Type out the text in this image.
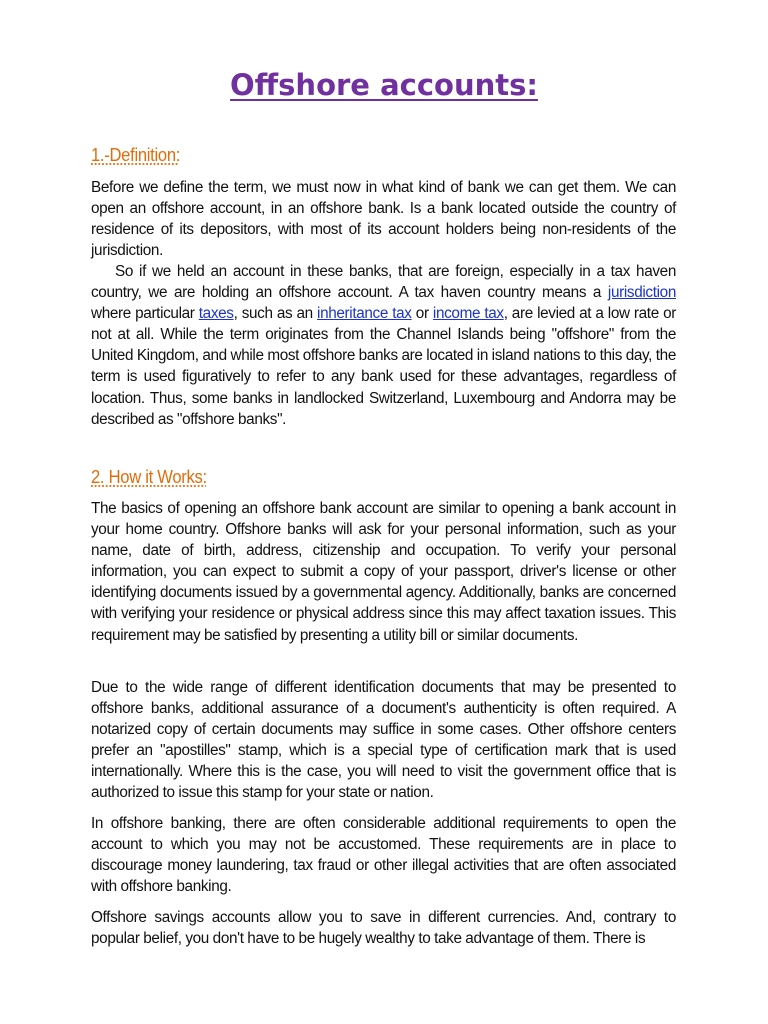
Offshore accounts:
1.-Definition:
Before we define the term, we must now in what kind of bank we can get them. We can open an offshore account, in an offshore bank. Is a bank located outside the country of residence of its depositors, with most of its account holders being non-residents of the jurisdiction.
So if we held an account in these banks, that are foreign, especially in a tax haven country, we are holding an offshore account. A tax haven country means a jurisdiction where particular taxes, such as an inheritance tax or income tax, are levied at a low rate or not at all. While the term originates from the Channel Islands being "offshore" from the United Kingdom, and while most offshore banks are located in island nations to this day, the term is used figuratively to refer to any bank used for these advantages, regardless of location. Thus, some banks in landlocked Switzerland, Luxembourg and Andorra may be described as "offshore banks".
2. How it Works:
The basics of opening an offshore bank account are similar to opening a bank account in your home country. Offshore banks will ask for your personal information, such as your name, date of birth, address, citizenship and occupation. To verify your personal information, you can expect to submit a copy of your passport, driver's license or other identifying documents issued by a governmental agency. Additionally, banks are concerned with verifying your residence or physical address since this may affect taxation issues. This requirement may be satisfied by presenting a utility bill or similar documents.
Due to the wide range of different identification documents that may be presented to offshore banks, additional assurance of a document's authenticity is often required. A notarized copy of certain documents may suffice in some cases. Other offshore centers prefer an "apostilles" stamp, which is a special type of certification mark that is used internationally. Where this is the case, you will need to visit the government office that is authorized to issue this stamp for your state or nation.
In offshore banking, there are often considerable additional requirements to open the account to which you may not be accustomed. These requirements are in place to discourage money laundering, tax fraud or other illegal activities that are often associated with offshore banking.
Offshore savings accounts allow you to save in different currencies. And, contrary to popular belief, you don't have to be hugely wealthy to take advantage of them. There is
